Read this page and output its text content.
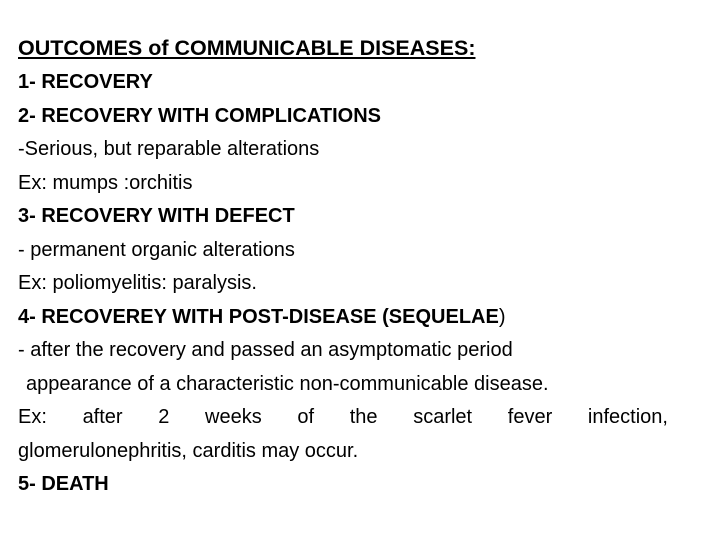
OUTCOMES of COMMUNICABLE DISEASES:
1- RECOVERY
2- RECOVERY WITH COMPLICATIONS
-Serious, but reparable alterations
Ex: mumps :orchitis
3- RECOVERY WITH DEFECT
- permanent organic alterations
Ex: poliomyelitis: paralysis.
4- RECOVEREY WITH POST-DISEASE (SEQUELAE)
- after the recovery and passed an asymptomatic period
appearance of a characteristic non-communicable disease.
Ex: after 2 weeks of the scarlet fever infection,
glomerulonephritis, carditis may occur.
5- DEATH
